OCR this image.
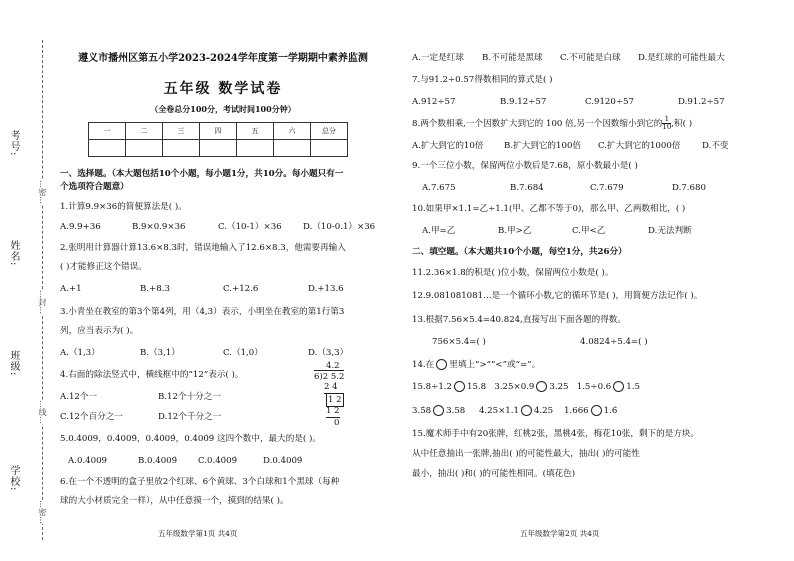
考号:
姓名:
班级:
学校:
…密…
…封…
…线…
…密…
遵义市播州区第五小学2023-2024学年度第一学期期中素养监测
五年级 数学试卷
（全卷总分100分，考试时间100分钟）
一	二	三	四	五	六	总分

一、选择题。（本大题包括10个小题，每小题1分，共10分。每小题只有一
个选项符合题意）
1.计算9.9×36的简便算法是( )。
A.9.9+36	B.9×0.9×36	C.（10-1）×36 D.（10-0.1）×36
2.张明用计算器计算13.6×8.3时，错误地输入了12.6×8.3，他需要再输入
( )才能修正这个错误。
A.+1	B.+8.3	C.+12.6	D.+13.6
3.小青坐在教室的第3个第4列，用（4,3）表示，小明坐在教室的第1行第3
列，应当表示为( )。
A.（1,3）	B.（3,1）	C.（1,0）	D.（3,3）
4.右面的除法竖式中，横线框中的“12”表示( )。
A.12个一	B.12个十分之一
C.12个百分之一	D.12个千分之一
4.2
6)2 5.2
2 4
1 2
1 2
0
5.0.4009，0.4009̇，0.40̇09̇，0.4̇00̇9̇ 这四个数中，最大的是( )。
A.0.4009	B.0.4009̇ C.0.40̇09̇	D.0.4̇00̇9̇
6.在一个不透明的盒子里放2个红球、6个黄球、3个白球和1个黑球（每种
球的大小材质完全一样），从中任意摸一个，摸到的结果( )。
五年级数学第1页 共4页
A.一定是红球 B.不可能是黑球 C.不可能是白球 D.是红球的可能性最大
7.与91.2÷0.57得数相同的算式是( )
A.912÷57	B.9.12÷57	C.9120÷57	D.91.2÷57
8.两个数相乘,一个因数扩大到它的 100 倍,另一个因数缩小到它的 $\frac{1}{10}$ ,积( )
A.扩大到它的10倍 B.扩大到它的100倍 C.扩大到它的1000倍	D.不变
9.一个三位小数，保留两位小数后是7.68，原小数最小是( )
A.7.675	B.7.684	C.7.679	D.7.680
10.如果甲×1.1=乙÷1.1(甲、乙都不等于0)，那么甲、乙两数相比，( )
A.甲=乙	B.甲>乙	C.甲<乙	D.无法判断
二、填空题。（本大题共10个小题，每空1分，共26分）
11.2.36×1.8的积是( )位小数，保留两位小数是( )。
12.9.081081081…是一个循环小数,它的循环节是( )，用简便方法记作( )。
13.根据7.56×5.4=40.824,直接写出下面各题的得数。
756×5.4=( )	4.0824÷5.4=( )
14.在 里填上“>”“<”或“=”。
15.8÷1.2 15.8 3.25×0.9 3.25 1.5÷0.6 1.5
3.5̇8 3.58 4.25×1.1 4.25 1.666 1.6̇
15.魔术师手中有20张牌，红桃2张，黑桃4张，梅花10张，剩下的是方块。
从中任意抽出一张牌,抽出( )的可能性最大，抽出( )的可能性
最小，抽出( )和( )的可能性相同。(填花色)
五年级数学第2页 共4页
